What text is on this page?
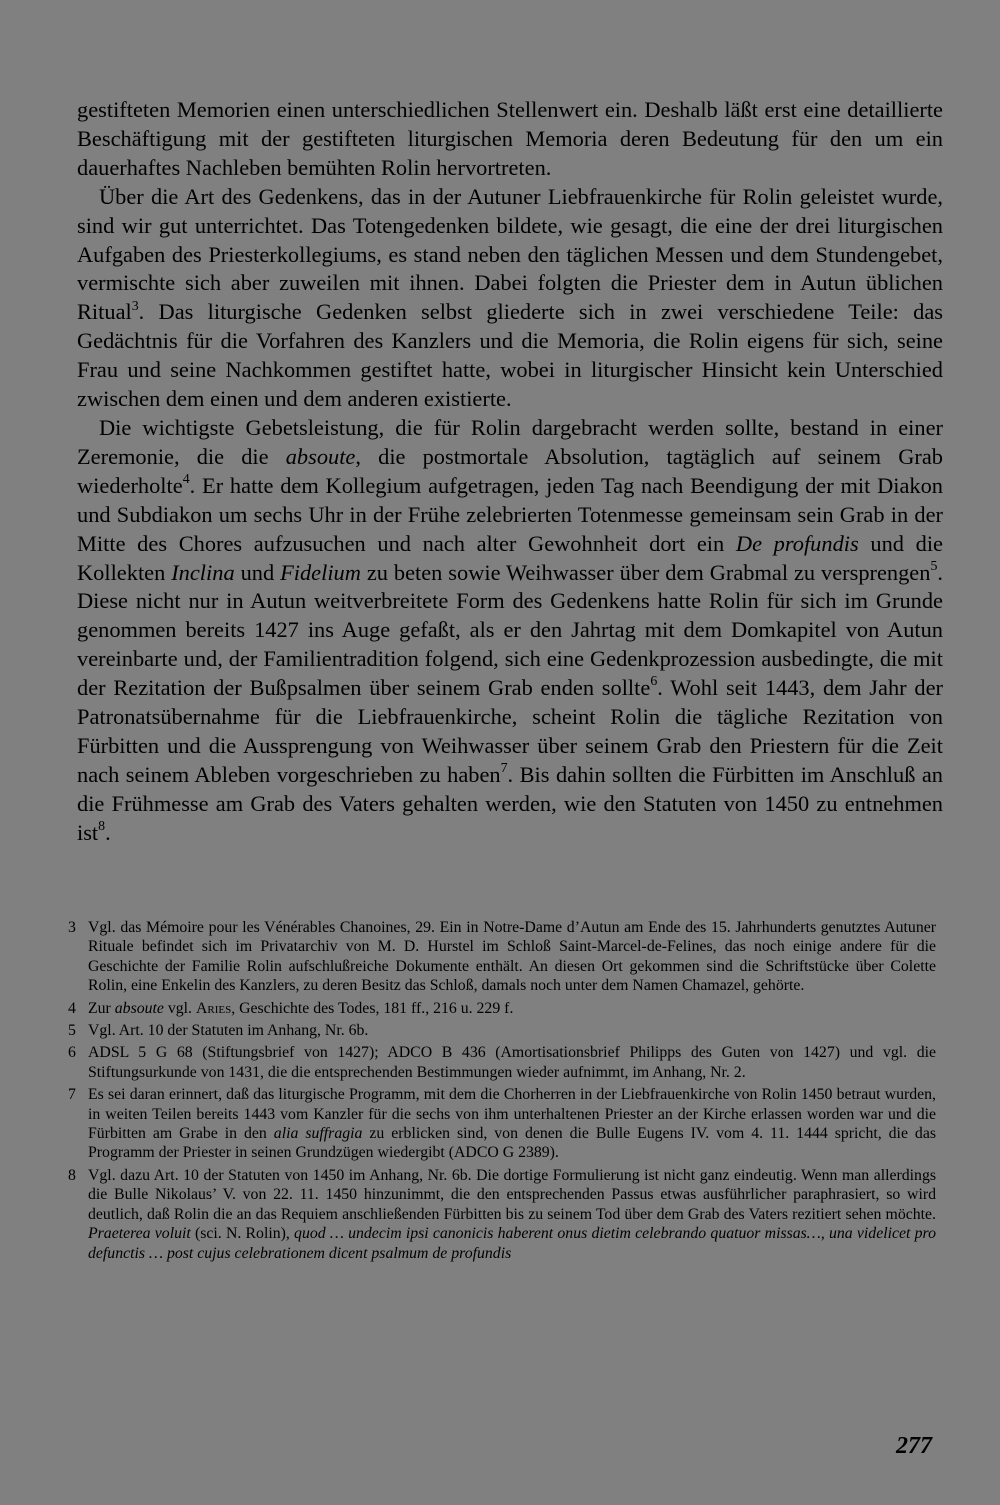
gestifteten Memorien einen unterschiedlichen Stellenwert ein. Deshalb läßt erst eine detaillierte Beschäftigung mit der gestifteten liturgischen Memoria deren Bedeutung für den um ein dauerhaftes Nachleben bemühten Rolin hervortreten.

Über die Art des Gedenkens, das in der Autuner Liebfrauenkirche für Rolin geleistet wurde, sind wir gut unterrichtet. Das Totengedenken bildete, wie gesagt, die eine der drei liturgischen Aufgaben des Priesterkollegiums, es stand neben den täglichen Messen und dem Stundengebet, vermischte sich aber zuweilen mit ihnen. Dabei folgten die Priester dem in Autun üblichen Ritual$^3$. Das liturgische Gedenken selbst gliederte sich in zwei verschiedene Teile: das Gedächtnis für die Vorfahren des Kanzlers und die Memoria, die Rolin eigens für sich, seine Frau und seine Nachkommen gestiftet hatte, wobei in liturgischer Hinsicht kein Unterschied zwischen dem einen und dem anderen existierte.

Die wichtigste Gebetsleistung, die für Rolin dargebracht werden sollte, bestand in einer Zeremonie, die die absoute, die postmortale Absolution, tagtäglich auf seinem Grab wiederholte$^4$. Er hatte dem Kollegium aufgetragen, jeden Tag nach Beendigung der mit Diakon und Subdiakon um sechs Uhr in der Frühe zelebrierten Totenmesse gemeinsam sein Grab in der Mitte des Chores aufzusuchen und nach alter Gewohnheit dort ein De profundis und die Kollekten Inclina und Fidelium zu beten sowie Weihwasser über dem Grabmal zu versprengen$^5$. Diese nicht nur in Autun weitverbreitete Form des Gedenkens hatte Rolin für sich im Grunde genommen bereits 1427 ins Auge gefaßt, als er den Jahrtag mit dem Domkapitel von Autun vereinbarte und, der Familientradition folgend, sich eine Gedenkprozession ausbedingte, die mit der Rezitation der Bußpsalmen über seinem Grab enden sollte$^6$. Wohl seit 1443, dem Jahr der Patronatsübernahme für die Liebfrauenkirche, scheint Rolin die tägliche Rezitation von Fürbitten und die Aussprengung von Weihwasser über seinem Grab den Priestern für die Zeit nach seinem Ableben vorgeschrieben zu haben$^7$. Bis dahin sollten die Fürbitten im Anschluß an die Frühmesse am Grab des Vaters gehalten werden, wie den Statuten von 1450 zu entnehmen ist$^8$.

3 Vgl. das Mémoire pour les Vénérables Chanoines, 29. Ein in Notre-Dame d’Autun am Ende des 15. Jahrhunderts genutztes Autuner Rituale befindet sich im Privatarchiv von M. D. Hurstel im Schloß Saint-Marcel-de-Felines, das noch einige andere für die Geschichte der Familie Rolin aufschlußreiche Dokumente enthält. An diesen Ort gekommen sind die Schriftstücke über Colette Rolin, eine Enkelin des Kanzlers, zu deren Besitz das Schloß, damals noch unter dem Namen Chamazel, gehörte.
4 Zur absoute vgl. Aries, Geschichte des Todes, 181 ff., 216 u. 229 f.
5 Vgl. Art. 10 der Statuten im Anhang, Nr. 6b.
6 ADSL 5 G 68 (Stiftungsbrief von 1427); ADCO B 436 (Amortisationsbrief Philipps des Guten von 1427) und vgl. die Stiftungsurkunde von 1431, die die entsprechenden Bestimmungen wieder aufnimmt, im Anhang, Nr. 2.
7 Es sei daran erinnert, daß das liturgische Programm, mit dem die Chorherren in der Liebfrauenkirche von Rolin 1450 betraut wurden, in weiten Teilen bereits 1443 vom Kanzler für die sechs von ihm unterhaltenen Priester an der Kirche erlassen worden war und die Fürbitten am Grabe in den alia suffragia zu erblicken sind, von denen die Bulle Eugens IV. vom 4. 11. 1444 spricht, die das Programm der Priester in seinen Grundzügen wiedergibt (ADCO G 2389).
8 Vgl. dazu Art. 10 der Statuten von 1450 im Anhang, Nr. 6b. Die dortige Formulierung ist nicht ganz eindeutig. Wenn man allerdings die Bulle Nikolaus’ V. von 22. 11. 1450 hinzunimmt, die den entsprechenden Passus etwas ausführlicher paraphrasiert, so wird deutlich, daß Rolin die an das Requiem anschließenden Fürbitten bis zu seinem Tod über dem Grab des Vaters rezitiert sehen möchte. Praeterea voluit (sci. N. Rolin), quod … undecim ipsi canonicis haberent onus dietim celebrando quatuor missas…, una videlicet pro defunctis … post cujus celebrationem dicent psalmum de profundis
277
